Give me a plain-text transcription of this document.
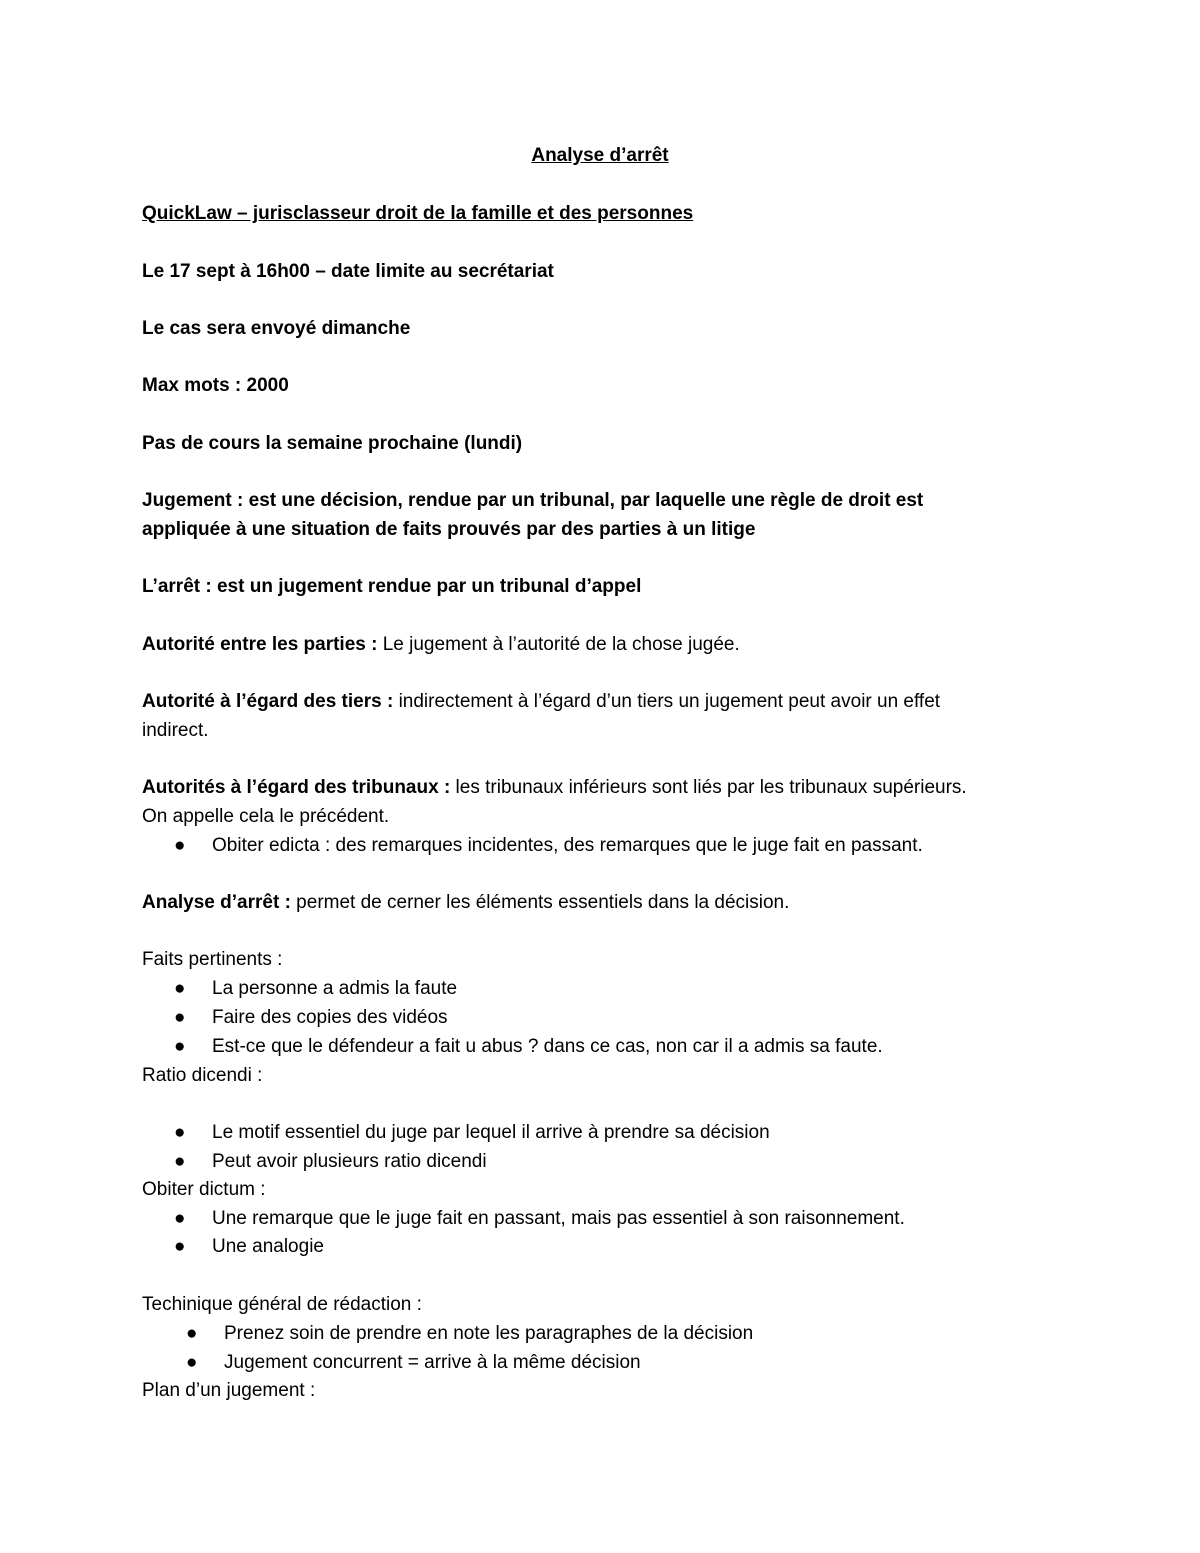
Analyse d’arrêt
QuickLaw – jurisclasseur droit de la famille et des personnes
Le 17 sept à 16h00 – date limite au secrétariat
Le cas sera envoyé dimanche
Max mots : 2000
Pas de cours la semaine prochaine (lundi)
Jugement : est une décision, rendue par un tribunal, par laquelle une règle de droit est
appliquée à une situation de faits prouvés par des parties à un litige
L’arrêt : est un jugement rendue par un tribunal d’appel
Autorité entre les parties : Le jugement à l’autorité de la chose jugée.
Autorité à l’égard des tiers : indirectement à l’égard d’un tiers un jugement peut avoir un effet
indirect.
Autorités à l’égard des tribunaux : les tribunaux inférieurs sont liés par les tribunaux supérieurs.
On appelle cela le précédent.
● Obiter edicta : des remarques incidentes, des remarques que le juge fait en passant.
Analyse d’arrêt : permet de cerner les éléments essentiels dans la décision.
Faits pertinents :
● La personne a admis la faute
● Faire des copies des vidéos
● Est-ce que le défendeur a fait u abus ? dans ce cas, non car il a admis sa faute.
Ratio dicendi :
● Le motif essentiel du juge par lequel il arrive à prendre sa décision
● Peut avoir plusieurs ratio dicendi
Obiter dictum :
● Une remarque que le juge fait en passant, mais pas essentiel à son raisonnement.
● Une analogie
Techinique général de rédaction :
● Prenez soin de prendre en note les paragraphes de la décision
● Jugement concurrent = arrive à la même décision
Plan d’un jugement :
